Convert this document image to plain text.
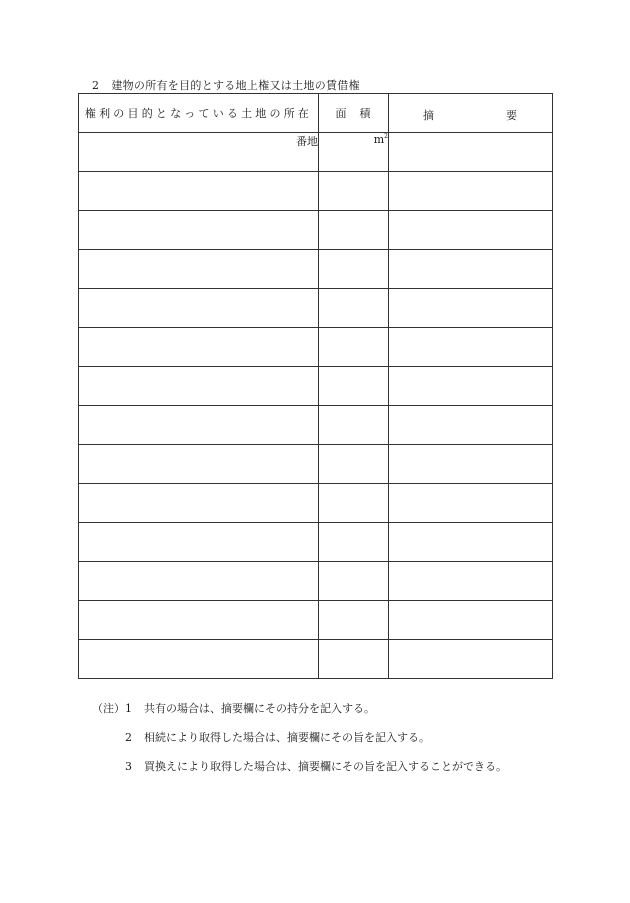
2 建物の所有を目的とする地上権又は土地の賃借権
権利の目的となっている土地の所在	面　積	摘 要

番地	$m^2$	

（注） 1 共有の場合は、摘要欄にその持分を記入する。
2 相続により取得した場合は、摘要欄にその旨を記入する。
3 買換えにより取得した場合は、摘要欄にその旨を記入することができる。
